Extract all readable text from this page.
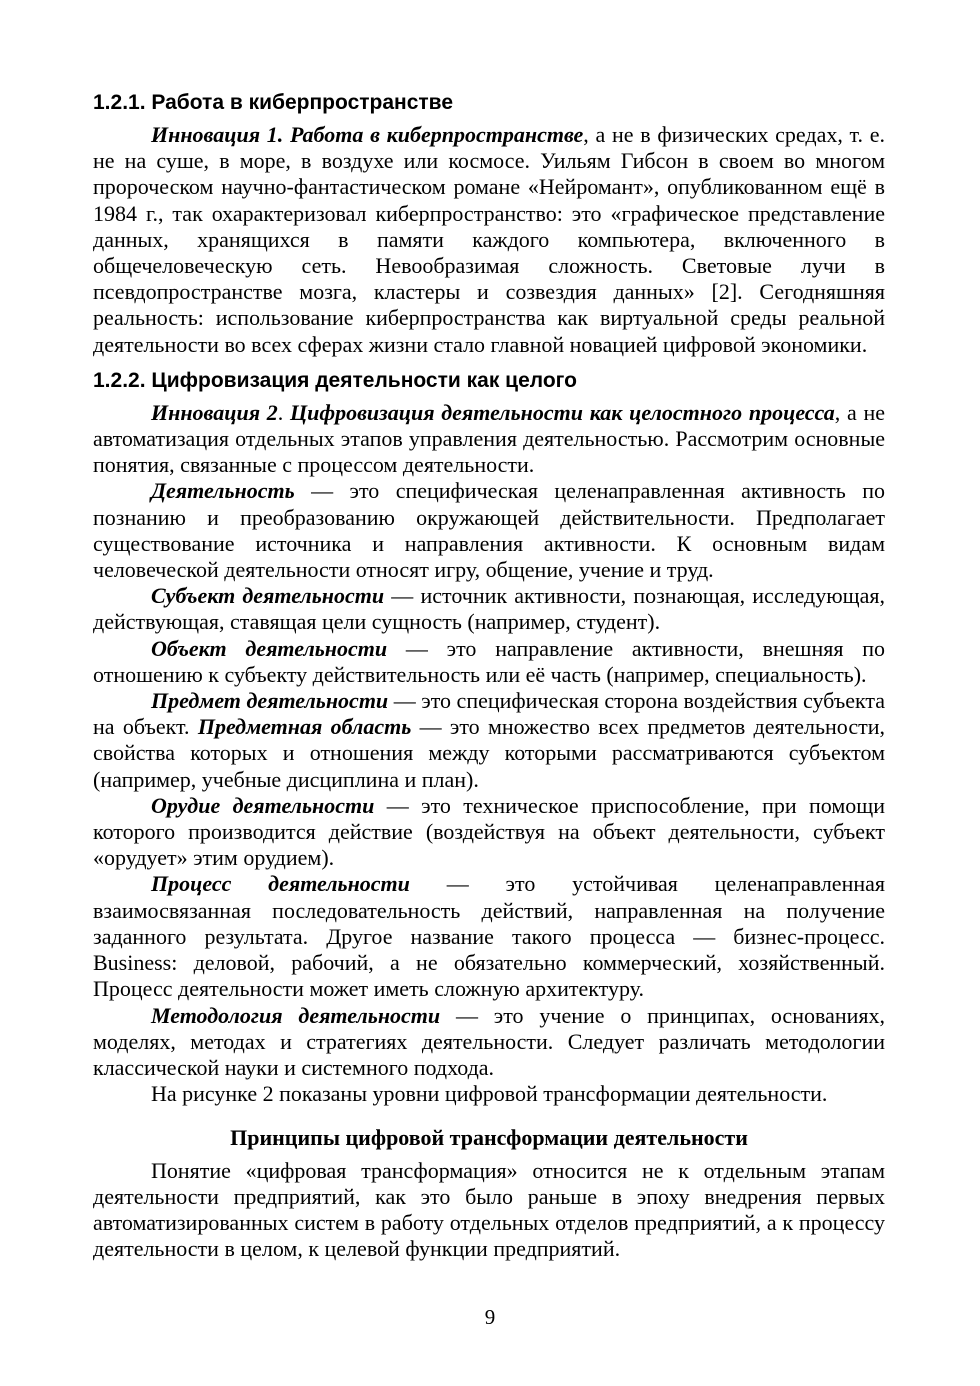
1.2.1. Работа в киберпространстве

Инновация 1. Работа в киберпространстве, а не в физических средах, т. е. не на суше, в море, в воздухе или космосе. Уильям Гибсон в своем во многом пророческом научно-фантастическом романе «Нейромант», опубликованном ещё в 1984 г., так охарактеризовал киберпространство: это «графическое представление данных, хранящихся в памяти каждого компьютера, включенного в общечеловеческую сеть. Невообразимая сложность. Световые лучи в псевдопространстве мозга, кластеры и созвездия данных» [2]. Сегодняшняя реальность: использование киберпространства как виртуальной среды реальной деятельности во всех сферах жизни стало главной новацией цифровой экономики.

1.2.2. Цифровизация деятельности как целого

Инновация 2. Цифровизация деятельности как целостного процесса, а не автоматизация отдельных этапов управления деятельностью. Рассмотрим основные понятия, связанные с процессом деятельности.

Деятельность — это специфическая целенаправленная активность по познанию и преобразованию окружающей действительности. Предполагает существование источника и направления активности. К основным видам человеческой деятельности относят игру, общение, учение и труд.

Субъект деятельности — источник активности, познающая, исследующая, действующая, ставящая цели сущность (например, студент).

Объект деятельности — это направление активности, внешняя по отношению к субъекту действительность или её часть (например, специальность).

Предмет деятельности — это специфическая сторона воздействия субъекта на объект. Предметная область — это множество всех предметов деятельности, свойства которых и отношения между которыми рассматриваются субъектом (например, учебные дисциплина и план).

Орудие деятельности — это техническое приспособление, при помощи которого производится действие (воздействуя на объект деятельности, субъект «орудует» этим орудием).

Процесс деятельности — это устойчивая целенаправленная взаимосвязанная последовательность действий, направленная на получение заданного результата. Другое название такого процесса — бизнес-процесс. Business: деловой, рабочий, а не обязательно коммерческий, хозяйственный. Процесс деятельности может иметь сложную архитектуру.

Методология деятельности — это учение о принципах, основаниях, моделях, методах и стратегиях деятельности. Следует различать методологии классической науки и системного подхода.

На рисунке 2 показаны уровни цифровой трансформации деятельности.

Принципы цифровой трансформации деятельности

Понятие «цифровая трансформация» относится не к отдельным этапам деятельности предприятий, как это было раньше в эпоху внедрения первых автоматизированных систем в работу отдельных отделов предприятий, а к процессу деятельности в целом, к целевой функции предприятий.

9
